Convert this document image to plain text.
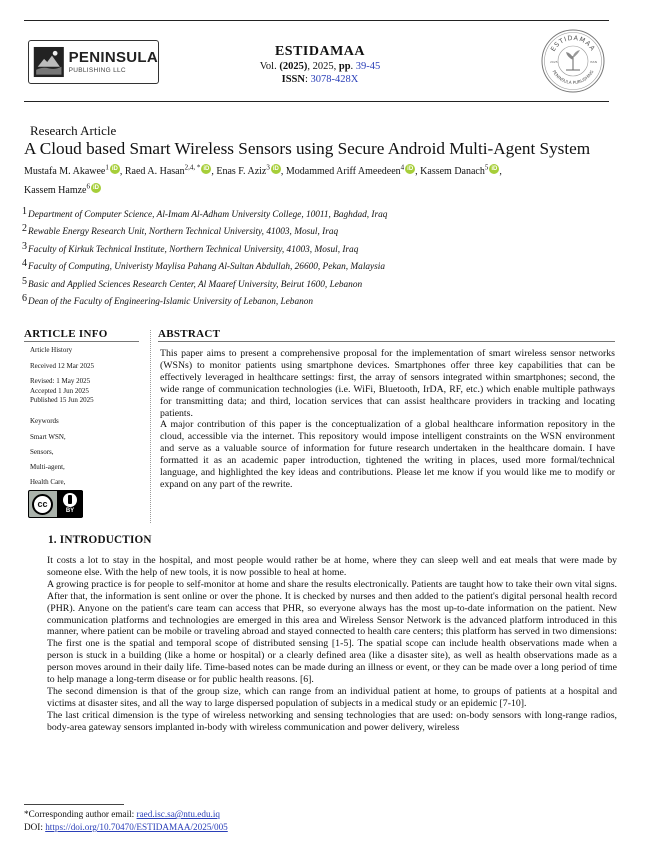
PENINSULA
PUBLISHING LLC
ESTIDAMAA
Vol. (2025), 2025, pp. 39-45
ISSN: 3078-428X
ESTIDAMAA
PENINSULA PUBLISHING
2025	ISSN
Research Article
A Cloud based Smart Wireless Sensors using Secure Android Multi-Agent System
Mustafa M. Akawee$^1$ iD , Raed A. Hasan$^{2,4, *}$ iD , Enas F. Aziz$^3$ iD , Modammed Ariff Ameedeen$^4$ iD , Kassem Danach$^5$ iD ,
Kassem Hamze$^6$ iD
$^1$Department of Computer Science, Al-Imam Al-Adham University College, 10011, Baghdad, Iraq
$^2$Rewable Energy Research Unit, Northern Technical University, 41003, Mosul, Iraq
$^3$Faculty of Kirkuk Technical Institute, Northern Technical University, 41003, Mosul, Iraq
$^4$Faculty of Computing, Univeristy Maylisa Pahang Al-Sultan Abdullah, 26600, Pekan, Malaysia
$^5$Basic and Applied Sciences Research Center, Al Maaref University, Beirut 1600, Lebanon
$^6$Dean of the Faculty of Engineering-Islamic University of Lebanon, Lebanon
ARTICLE INFO	ABSTRACT
Article History
Received 12 Mar 2025
Revised: 1 May 2025
Accepted 1 Jun 2025
Published 15 Jun 2025
Keywords
Smart WSN,
Sensors,
Multi-agent,
Health Care,
cc
BY

This paper aims to present a comprehensive proposal for the implementation of smart wireless sensor networks (WSNs) to monitor patients using smartphone devices. Smartphones offer three key capabilities that can be effectively leveraged in healthcare settings: first, the array of sensors integrated within smartphones; second, the wide range of communication technologies (i.e. WiFi, Bluetooth, IrDA, RF, etc.) which enable multiple pathways for transmitting data; and third, location services that can assist healthcare providers in tracking and locating patients.

A major contribution of this paper is the conceptualization of a global healthcare information repository in the cloud, accessible via the internet. This repository would impose intelligent constraints on the WSN environment and serve as a valuable source of information for future research undertaken in the healthcare domain. I have formatted it as an academic paper introduction, tightened the writing in places, used more formal/technical language, and highlighted the key ideas and contributions. Please let me know if you would like me to modify or expand on any part of the rewrite.

1. INTRODUCTION

It costs a lot to stay in the hospital, and most people would rather be at home, where they can sleep well and eat meals that were made by someone else. With the help of new tools, it is now possible to heal at home.

A growing practice is for people to self-monitor at home and share the results electronically. Patients are taught how to take their own vital signs. After that, the information is sent online or over the phone. It is checked by nurses and then added to the patient's digital personal health record (PHR). Anyone on the patient's care team can access that PHR, so everyone always has the most up-to-date information on the patient. New communication platforms and technologies are emerged in this area and Wireless Sensor Network is the advanced platform introduced in this manner, where patient can be mobile or traveling abroad and stayed connected to health care centers; this platform has served in two dimensions: The first one is the spatial and temporal scope of distributed sensing [1-5]. The spatial scope can include health observations made when a person is stuck in a building (like a home or hospital) or a clearly defined area (like a disaster site), as well as health observations made as a person moves around in their daily life. Time-based notes can be made during an illness or event, or they can be made over a long period of time to help manage a long-term disease or for public health reasons. [6].

The second dimension is that of the group size, which can range from an individual patient at home, to groups of patients at a hospital and victims at disaster sites, and all the way to large dispersed population of subjects in a medical study or an epidemic [7-10].

The last critical dimension is the type of wireless networking and sensing technologies that are used: on-body sensors with long-range radios, body-area gateway sensors implanted in-body with wireless communication and power delivery, wireless

*Corresponding author email: raed.isc.sa@ntu.edu.iq
DOI: https://doi.org/10.70470/ESTIDAMAA/2025/005
